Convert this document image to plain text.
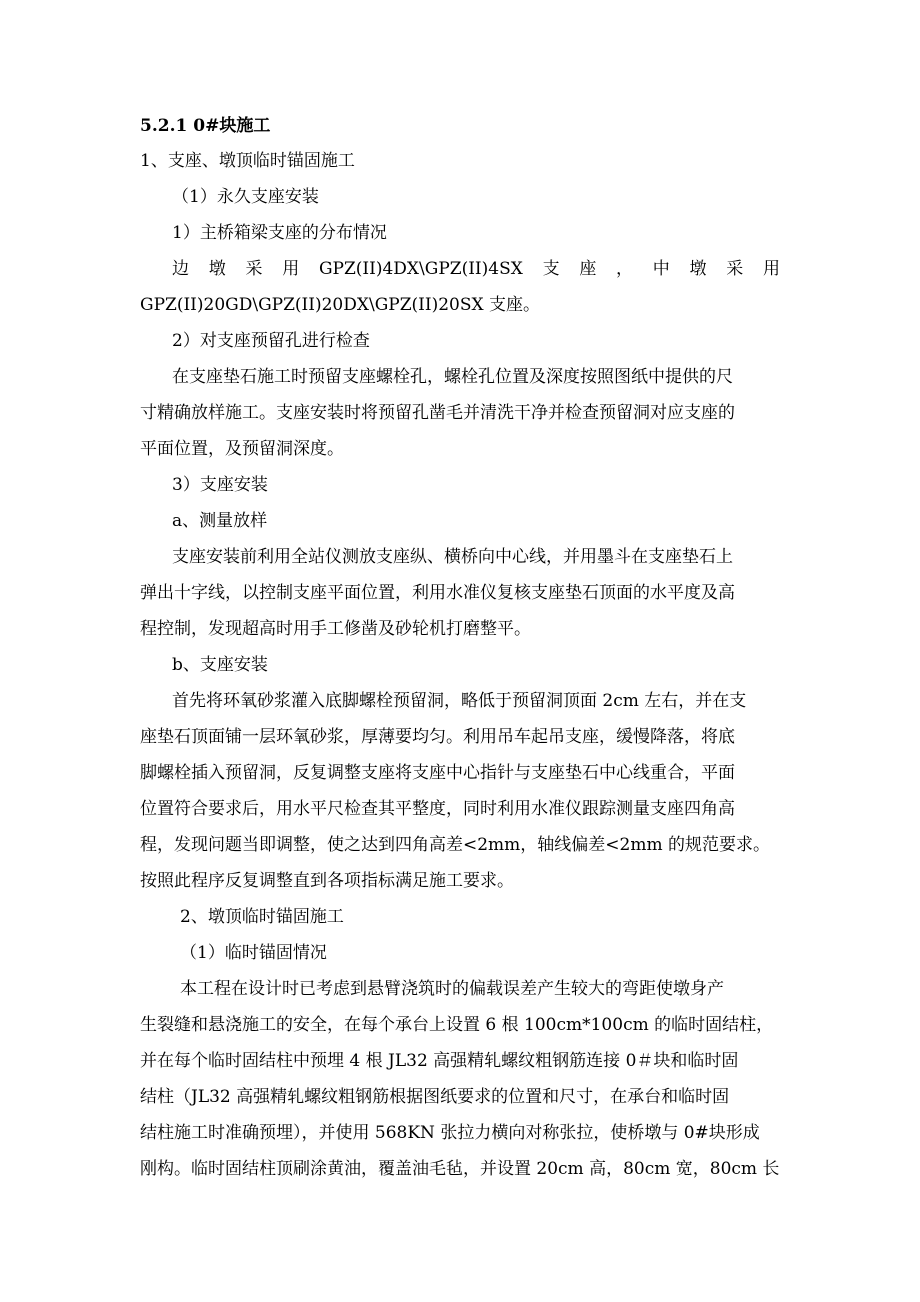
5.2.1 0#块施工
1、支座、墩顶临时锚固施工
（1）永久支座安装
1）主桥箱梁支座的分布情况
边 墩 采 用 GPZ(II)4DX\GPZ(II)4SX 支 座 ， 中 墩 采 用
GPZ(II)20GD\GPZ(II)20DX\GPZ(II)20SX 支座。
2）对支座预留孔进行检查
在支座垫石施工时预留支座螺栓孔，螺栓孔位置及深度按照图纸中提供的尺
寸精确放样施工。支座安装时将预留孔凿毛并清洗干净并检查预留洞对应支座的
平面位置，及预留洞深度。
3）支座安装
a、测量放样
支座安装前利用全站仪测放支座纵、横桥向中心线，并用墨斗在支座垫石上
弹出十字线，以控制支座平面位置，利用水准仪复核支座垫石顶面的水平度及高
程控制，发现超高时用手工修凿及砂轮机打磨整平。
b、支座安装
首先将环氧砂浆灌入底脚螺栓预留洞，略低于预留洞顶面 2cm 左右，并在支
座垫石顶面铺一层环氧砂浆，厚薄要均匀。利用吊车起吊支座，缓慢降落，将底
脚螺栓插入预留洞，反复调整支座将支座中心指针与支座垫石中心线重合，平面
位置符合要求后，用水平尺检查其平整度，同时利用水准仪跟踪测量支座四角高
程，发现问题当即调整，使之达到四角高差<2mm，轴线偏差<2mm 的规范要求。
按照此程序反复调整直到各项指标满足施工要求。
2、墩顶临时锚固施工
（1）临时锚固情况
本工程在设计时已考虑到悬臂浇筑时的偏载误差产生较大的弯距使墩身产
生裂缝和悬浇施工的安全，在每个承台上设置 6 根 100cm*100cm 的临时固结柱，
并在每个临时固结柱中预埋 4 根 JL32 高强精轧螺纹粗钢筋连接 0＃块和临时固
结柱（JL32 高强精轧螺纹粗钢筋根据图纸要求的位置和尺寸，在承台和临时固
结柱施工时准确预埋），并使用 568KN 张拉力横向对称张拉，使桥墩与 0#块形成
刚构。临时固结柱顶刷涂黄油，覆盖油毛毡，并设置 20cm 高，80cm 宽，80cm 长
